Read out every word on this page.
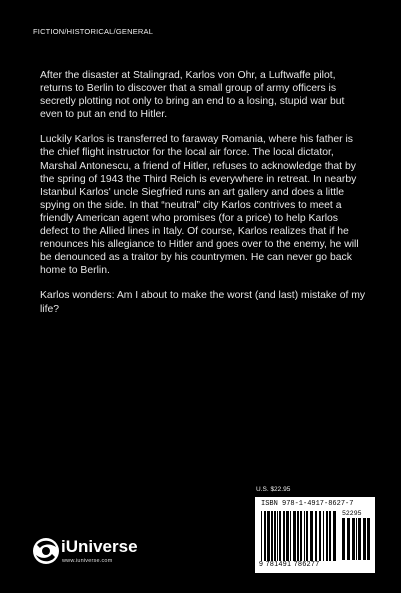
FICTION/HISTORICAL/GENERAL

After the disaster at Stalingrad, Karlos von Ohr, a Luftwaffe pilot, returns to Berlin to discover that a small group of army officers is secretly plotting not only to bring an end to a losing, stupid war but even to put an end to Hitler.

Luckily Karlos is transferred to faraway Romania, where his father is the chief flight instructor for the local air force. The local dictator, Marshal Antonescu, a friend of Hitler, refuses to acknowledge that by the spring of 1943 the Third Reich is everywhere in retreat. In nearby Istanbul Karlos' uncle Siegfried runs an art gallery and does a little spying on the side. In that “neutral” city Karlos contrives to meet a friendly American agent who promises (for a price) to help Karlos defect to the Allied lines in Italy. Of course, Karlos realizes that if he renounces his allegiance to Hitler and goes over to the enemy, he will be denounced as a traitor by his countrymen. He can never go back home to Berlin.

Karlos wonders: Am I about to make the worst (and last) mistake of my life?

U.S. $22.95
ISBN 978-1-4917-8627-7
52295
9 781491 786277
iUniverse
www.iuniverse.com
